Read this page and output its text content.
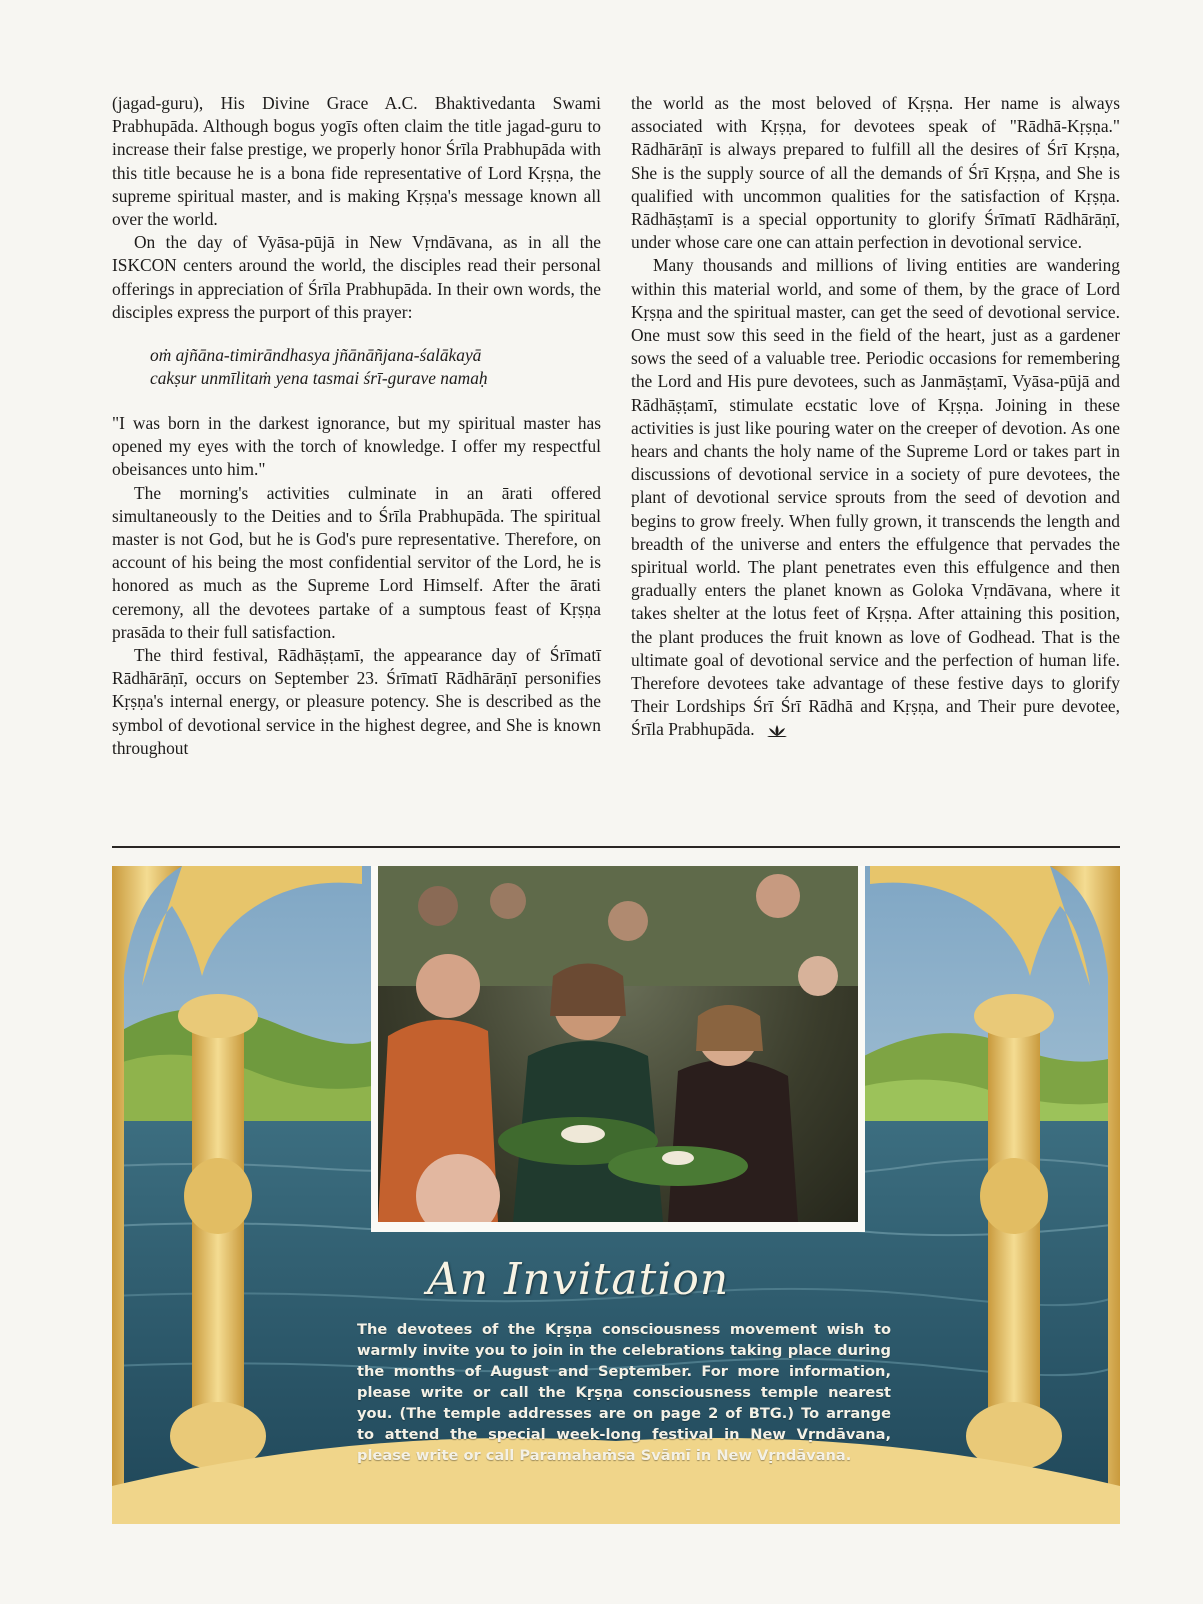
(jagad-guru), His Divine Grace A.C. Bhaktivedanta Swami Prabhupāda. Although bogus yogīs often claim the title jagad-guru to increase their false prestige, we properly honor Śrīla Prabhupāda with this title because he is a bona fide representative of Lord Kṛṣṇa, the supreme spiritual master, and is making Kṛṣṇa's message known all over the world.

On the day of Vyāsa-pūjā in New Vṛndāvana, as in all the ISKCON centers around the world, the disciples read their personal offerings in appreciation of Śrīla Prabhupāda. In their own words, the disciples express the purport of this prayer:

oṁ ajñāna-timirāndhasya jñānāñjana-śalākayā
cakṣur unmīlitaṁ yena tasmai śrī-gurave namaḥ

"I was born in the darkest ignorance, but my spiritual master has opened my eyes with the torch of knowledge. I offer my respectful obeisances unto him."

The morning's activities culminate in an ārati offered simultaneously to the Deities and to Śrīla Prabhupāda. The spiritual master is not God, but he is God's pure representative. Therefore, on account of his being the most confidential servitor of the Lord, he is honored as much as the Supreme Lord Himself. After the ārati ceremony, all the devotees partake of a sumptous feast of Kṛṣṇa prasāda to their full satisfaction.

The third festival, Rādhāṣṭamī, the appearance day of Śrīmatī Rādhārāṇī, occurs on September 23. Śrīmatī Rādhārāṇī personifies Kṛṣṇa's internal energy, or pleasure potency. She is described as the symbol of devotional service in the highest degree, and She is known throughout

the world as the most beloved of Kṛṣṇa. Her name is always associated with Kṛṣṇa, for devotees speak of "Rādhā-Kṛṣṇa." Rādhārāṇī is always prepared to fulfill all the desires of Śrī Kṛṣṇa, She is the supply source of all the demands of Śrī Kṛṣṇa, and She is qualified with uncommon qualities for the satisfaction of Kṛṣṇa. Rādhāṣṭamī is a special opportunity to glorify Śrīmatī Rādhārāṇī, under whose care one can attain perfection in devotional service.

Many thousands and millions of living entities are wandering within this material world, and some of them, by the grace of Lord Kṛṣṇa and the spiritual master, can get the seed of devotional service. One must sow this seed in the field of the heart, just as a gardener sows the seed of a valuable tree. Periodic occasions for remembering the Lord and His pure devotees, such as Janmāṣṭamī, Vyāsa-pūjā and Rādhāṣṭamī, stimulate ecstatic love of Kṛṣṇa. Joining in these activities is just like pouring water on the creeper of devotion. As one hears and chants the holy name of the Supreme Lord or takes part in discussions of devotional service in a society of pure devotees, the plant of devotional service sprouts from the seed of devotion and begins to grow freely. When fully grown, it transcends the length and breadth of the universe and enters the effulgence that pervades the spiritual world. The plant penetrates even this effulgence and then gradually enters the planet known as Goloka Vṛndāvana, where it takes shelter at the lotus feet of Kṛṣṇa. After attaining this position, the plant produces the fruit known as love of Godhead. That is the ultimate goal of devotional service and the perfection of human life. Therefore devotees take advantage of these festive days to glorify Their Lordships Śrī Śrī Rādhā and Kṛṣṇa, and Their pure devotee, Śrīla Prabhupāda.

An Invitation
The devotees of the Kṛṣṇa consciousness movement wish to warmly invite you to join in the celebrations taking place during the months of August and September. For more information, please write or call the Kṛṣṇa consciousness temple nearest you. (The temple addresses are on page 2 of BTG.) To arrange to attend the special week-long festival in New Vṛndāvana, please write or call Paramahaṁsa Svāmī in New Vṛndāvana.
